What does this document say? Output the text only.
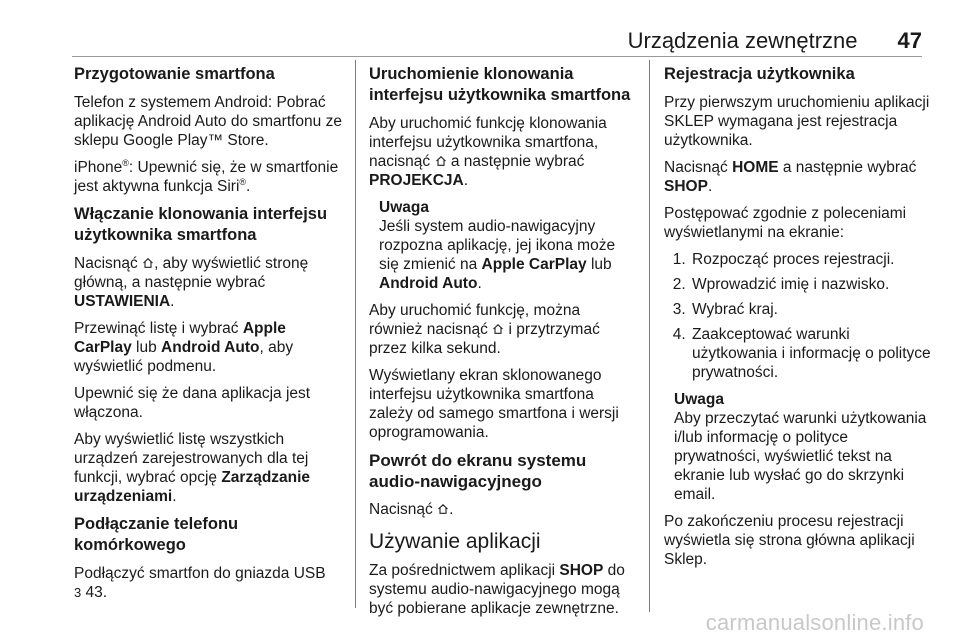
Urządzenia zewnętrzne 47
Przygotowanie smartfona

Telefon z systemem Android: Pobrać aplikację Android Auto do smartfonu ze sklepu Google Play™ Store.

iPhone®: Upewnić się, że w smartfonie jest aktywna funkcja Siri®.

Włączanie klonowania interfejsu użytkownika smartfona

Nacisnąć , aby wyświetlić stronę główną, a następnie wybrać USTAWIENIA.

Przewinąć listę i wybrać Apple CarPlay lub Android Auto, aby wyświetlić podmenu.

Upewnić się że dana aplikacja jest włączona.

Aby wyświetlić listę wszystkich urządzeń zarejestrowanych dla tej funkcji, wybrać opcję Zarządzanie urządzeniami.

Podłączanie telefonu komórkowego

Podłączyć smartfon do gniazda USB
3 43.

Uruchomienie klonowania interfejsu użytkownika smartfona

Aby uruchomić funkcję klonowania interfejsu użytkownika smartfona, nacisnąć a następnie wybrać PROJEKCJA.

Uwaga
Jeśli system audio-nawigacyjny rozpozna aplikację, jej ikona może się zmienić na Apple CarPlay lub Android Auto.

Aby uruchomić funkcję, można również nacisnąć i przytrzymać przez kilka sekund.

Wyświetlany ekran sklonowanego interfejsu użytkownika smartfona zależy od samego smartfona i wersji oprogramowania.

Powrót do ekranu systemu audio-nawigacyjnego

Nacisnąć .

Używanie aplikacji

Za pośrednictwem aplikacji SHOP do systemu audio-nawigacyjnego mogą być pobierane aplikacje zewnętrzne.

Rejestracja użytkownika

Przy pierwszym uruchomieniu aplikacji SKLEP wymagana jest rejestracja użytkownika.

Nacisnąć HOME a następnie wybrać SHOP.

Postępować zgodnie z poleceniami wyświetlanymi na ekranie:

1. Rozpocząć proces rejestracji.
2. Wprowadzić imię i nazwisko.
3. Wybrać kraj.
4. Zaakceptować warunki użytkowania i informację o polityce prywatności.
Uwaga
Aby przeczytać warunki użytkowania i/lub informację o polityce prywatności, wyświetlić tekst na ekranie lub wysłać go do skrzynki email.

Po zakończeniu procesu rejestracji wyświetla się strona główna aplikacji Sklep.

carmanualsonline.info
